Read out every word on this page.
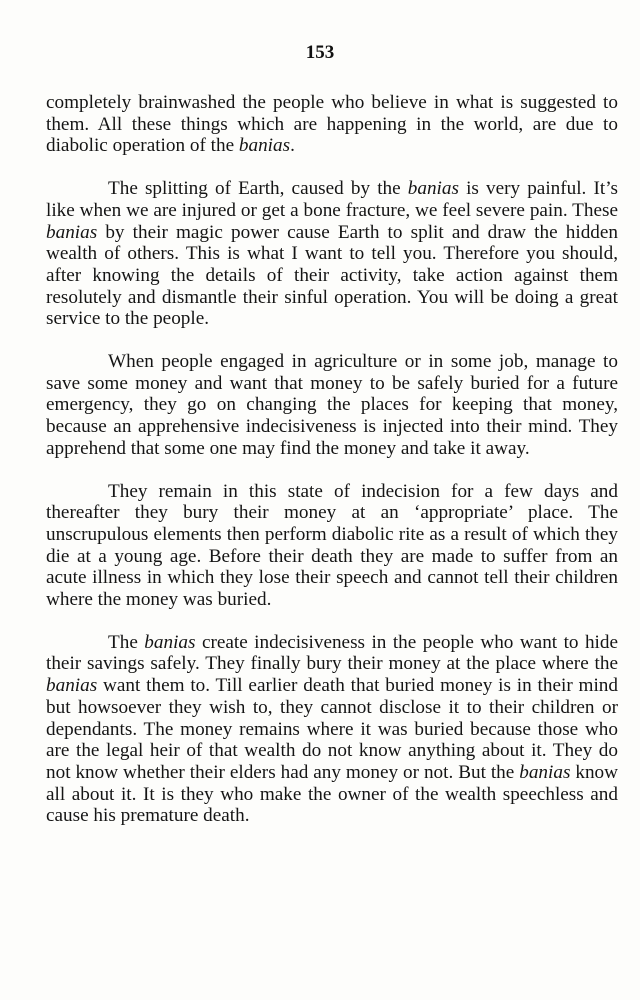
153

completely brainwashed the people who believe in what is suggested to them. All these things which are happening in the world, are due to diabolic operation of the banias.

The splitting of Earth, caused by the banias is very painful. It’s like when we are injured or get a bone fracture, we feel severe pain. These banias by their magic power cause Earth to split and draw the hidden wealth of others. This is what I want to tell you. Therefore you should, after knowing the details of their activity, take action against them resolutely and dismantle their sinful operation. You will be doing a great service to the people.

When people engaged in agriculture or in some job, manage to save some money and want that money to be safely buried for a future emergency, they go on changing the places for keeping that money, because an apprehensive indecisiveness is injected into their mind. They apprehend that some one may find the money and take it away.

They remain in this state of indecision for a few days and thereafter they bury their money at an ‘appropriate’ place. The unscrupulous elements then perform diabolic rite as a result of which they die at a young age. Before their death they are made to suffer from an acute illness in which they lose their speech and cannot tell their children where the money was buried.

The banias create indecisiveness in the people who want to hide their savings safely. They finally bury their money at the place where the banias want them to. Till earlier death that buried money is in their mind but howsoever they wish to, they cannot disclose it to their children or dependants. The money remains where it was buried because those who are the legal heir of that wealth do not know anything about it. They do not know whether their elders had any money or not. But the banias know all about it. It is they who make the owner of the wealth speechless and cause his premature death.
